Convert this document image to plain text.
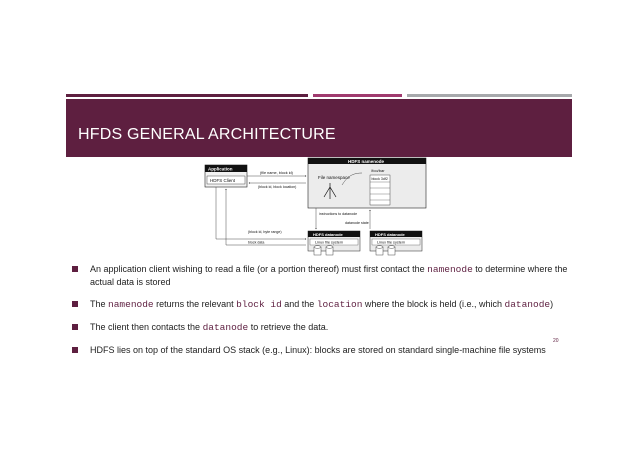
HFDS GENERAL ARCHITECTURE
Application
HDFS Client
HDFS namenode
File namespace
/foo/bar
block 3df2
(file name, block id)
(block id, block location)
instructions to datanode
datanode state
(block id, byte range)
block data
HDFS datanode
Linux file system
HDFS datanode
Linux file system
An application client wishing to read a file (or a portion thereof) must first contact the namenode to determine where the actual data is stored
The namenode returns the relevant block id and the location where the block is held (i.e., which datanode)
The client then contacts the datanode to retrieve the data.
HDFS lies on top of the standard OS stack (e.g., Linux): blocks are stored on standard single-machine file systems
20
